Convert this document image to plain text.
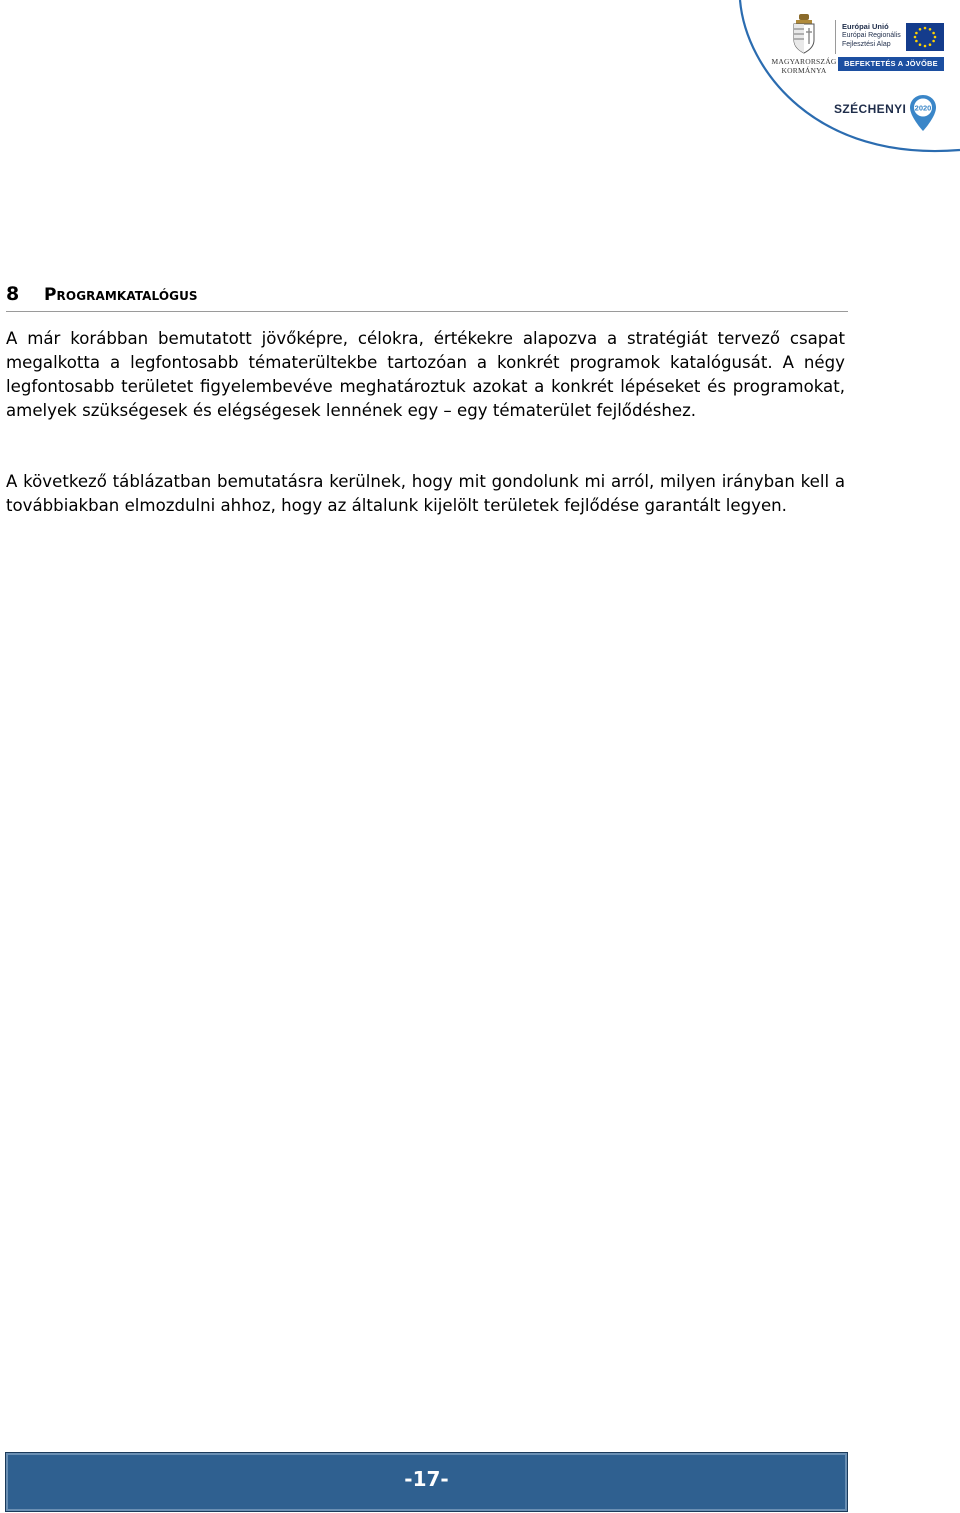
MAGYARORSZÁG
KORMÁNYA
Európai Unió
Európai Regionális
Fejlesztési Alap
BEFEKTETÉS A JÖVŐBE
SZÉCHENYI 2020
8 Programkatalógus

A már korábban bemutatott jövőképre, célokra, értékekre alapozva a stratégiát tervező csapat megalkotta a legfontosabb tématerültekbe tartozóan a konkrét programok katalógusát. A négy legfontosabb területet figyelembevéve meghatároztuk azokat a konkrét lépéseket és programokat, amelyek szükségesek és elégségesek lennének egy – egy tématerület fejlődéshez.

A következő táblázatban bemutatásra kerülnek, hogy mit gondolunk mi arról, milyen irányban kell a továbbiakban elmozdulni ahhoz, hogy az általunk kijelölt területek fejlődése garantált legyen.

-17-
